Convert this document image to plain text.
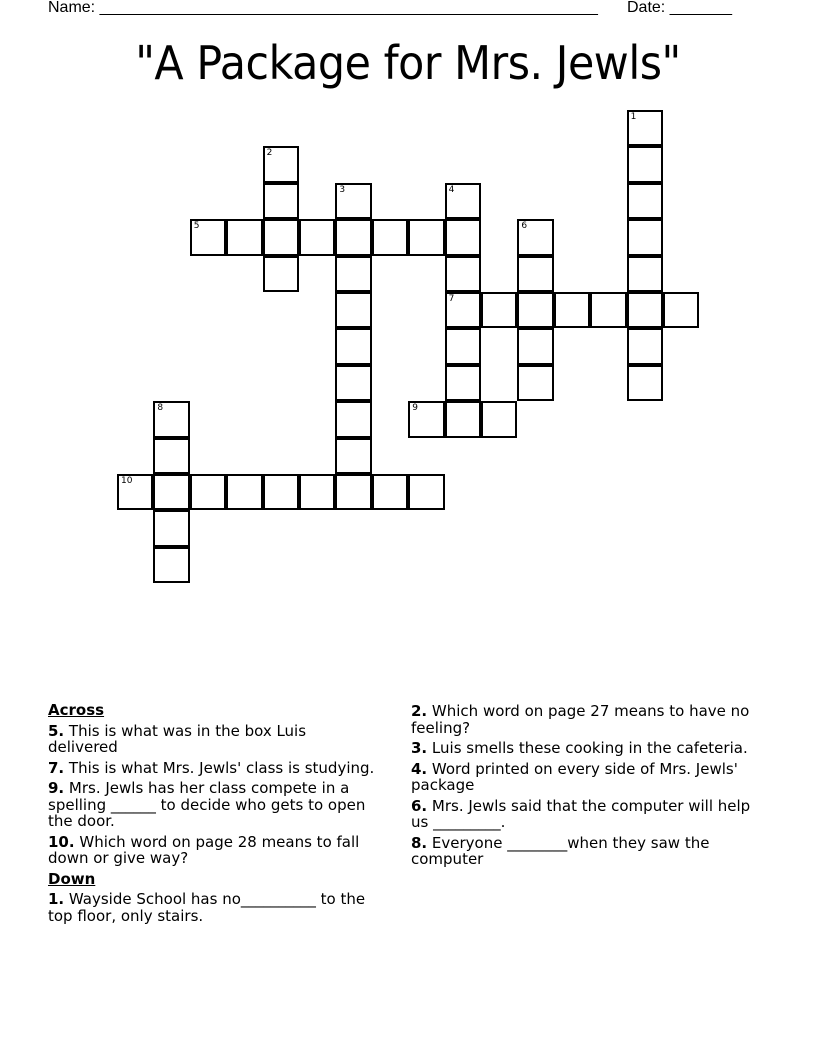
Name: ________________________________________________________ Date: _______
"A Package for Mrs. Jewls"
1
2
3	4
7
5	6
8	9
10
Across
5. This is what was in the box Luis delivered
7. This is what Mrs. Jewls' class is studying.
9. Mrs. Jewls has her class compete in a spelling ______ to decide who gets to open the door.
10. Which word on page 28 means to fall down or give way?
Down
1. Wayside School has no__________ to the top floor, only stairs.
2. Which word on page 27 means to have no feeling?
3. Luis smells these cooking in the cafeteria.
4. Word printed on every side of Mrs. Jewls' package
6. Mrs. Jewls said that the computer will help us _________.
8. Everyone ________when they saw the computer
